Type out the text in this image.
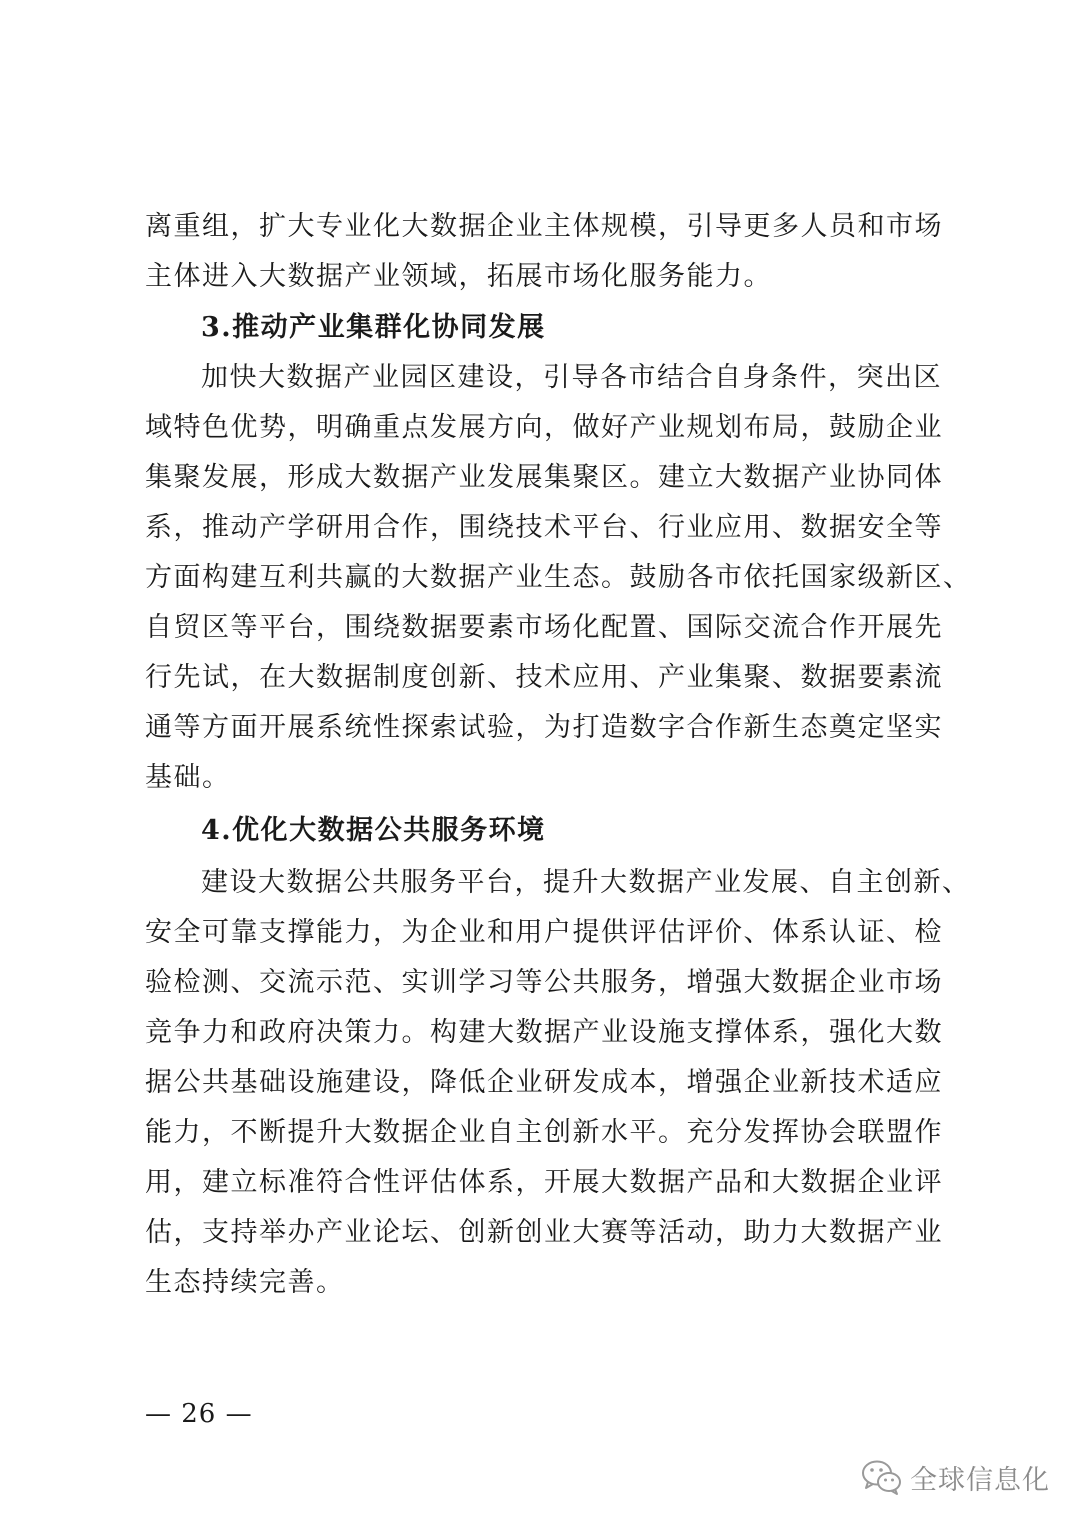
离重组，扩大专业化大数据企业主体规模，引导更多人员和市场
主体进入大数据产业领域，拓展市场化服务能力。
3.推动产业集群化协同发展
加快大数据产业园区建设，引导各市结合自身条件，突出区
域特色优势，明确重点发展方向，做好产业规划布局，鼓励企业
集聚发展，形成大数据产业发展集聚区。建立大数据产业协同体
系，推动产学研用合作，围绕技术平台、行业应用、数据安全等
方面构建互利共赢的大数据产业生态。鼓励各市依托国家级新区、
自贸区等平台，围绕数据要素市场化配置、国际交流合作开展先
行先试，在大数据制度创新、技术应用、产业集聚、数据要素流
通等方面开展系统性探索试验，为打造数字合作新生态奠定坚实
基础。
4.优化大数据公共服务环境
建设大数据公共服务平台，提升大数据产业发展、自主创新、
安全可靠支撑能力，为企业和用户提供评估评价、体系认证、检
验检测、交流示范、实训学习等公共服务，增强大数据企业市场
竞争力和政府决策力。构建大数据产业设施支撑体系，强化大数
据公共基础设施建设，降低企业研发成本，增强企业新技术适应
能力，不断提升大数据企业自主创新水平。充分发挥协会联盟作
用，建立标准符合性评估体系，开展大数据产品和大数据企业评
估，支持举办产业论坛、创新创业大赛等活动，助力大数据产业
生态持续完善。
— 26 —
全球信息化
